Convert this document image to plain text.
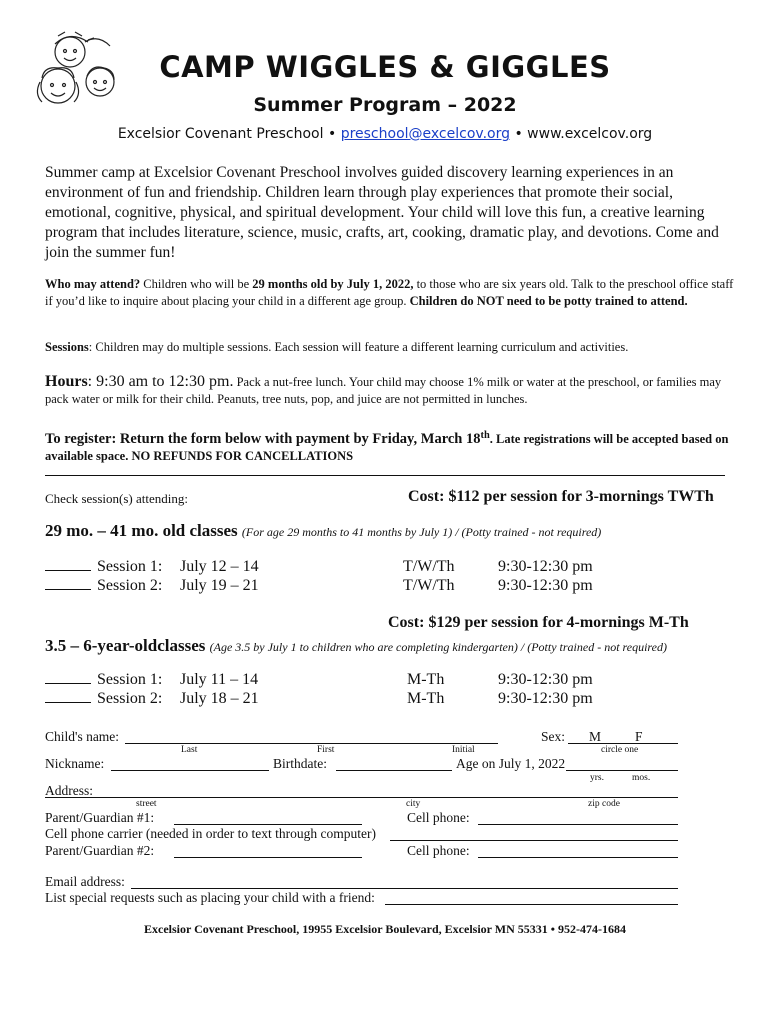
CAMP WIGGLES & GIGGLES
Summer Program – 2022
Excelsior Covenant Preschool • preschool@excelcov.org • www.excelcov.org
Summer camp at Excelsior Covenant Preschool involves guided discovery learning experiences in an environment of fun and friendship. Children learn through play experiences that promote their social, emotional, cognitive, physical, and spiritual development. Your child will love this fun, a creative learning program that includes literature, science, music, crafts, art, cooking, dramatic play, and devotions. Come and join the summer fun!
Who may attend? Children who will be 29 months old by July 1, 2022, to those who are six years old. Talk to the preschool office staff if you’d like to inquire about placing your child in a different age group. Children do NOT need to be potty trained to attend.
Sessions: Children may do multiple sessions. Each session will feature a different learning curriculum and activities.
Hours: 9:30 am to 12:30 pm. Pack a nut-free lunch. Your child may choose 1% milk or water at the preschool, or families may pack water or milk for their child. Peanuts, tree nuts, pop, and juice are not permitted in lunches.
To register: Return the form below with payment by Friday, March 18th. Late registrations will be accepted based on available space. NO REFUNDS FOR CANCELLATIONS
Check session(s) attending:	Cost: $112 per session for 3-mornings TWTh
29 mo. – 41 mo. old classes (For age 29 months to 41 months by July 1) / (Potty trained - not required)
Session 1: July 12 – 14	T/W/Th	9:30-12:30 pm
Session 2: July 19 – 21	T/W/Th	9:30-12:30 pm
Cost: $129 per session for 4-mornings M-Th
3.5 – 6-year-oldclasses (Age 3.5 by July 1 to children who are completing kindergarten) / (Potty trained - not required)
Session 1: July 11 – 14	M-Th	9:30-12:30 pm
Session 2: July 18 – 21	M-Th	9:30-12:30 pm
Child's name:
Last	First	Initial
Sex: M	F
circle one
Nickname:	Birthdate:	Age on July 1, 2022
yrs.	mos.
Address:
street	city	zip code
Parent/Guardian #1:	Cell phone:
Cell phone carrier (needed in order to text through computer)
Parent/Guardian #2:	Cell phone:
Email address:
List special requests such as placing your child with a friend:
Excelsior Covenant Preschool, 19955 Excelsior Boulevard, Excelsior MN 55331 • 952-474-1684
